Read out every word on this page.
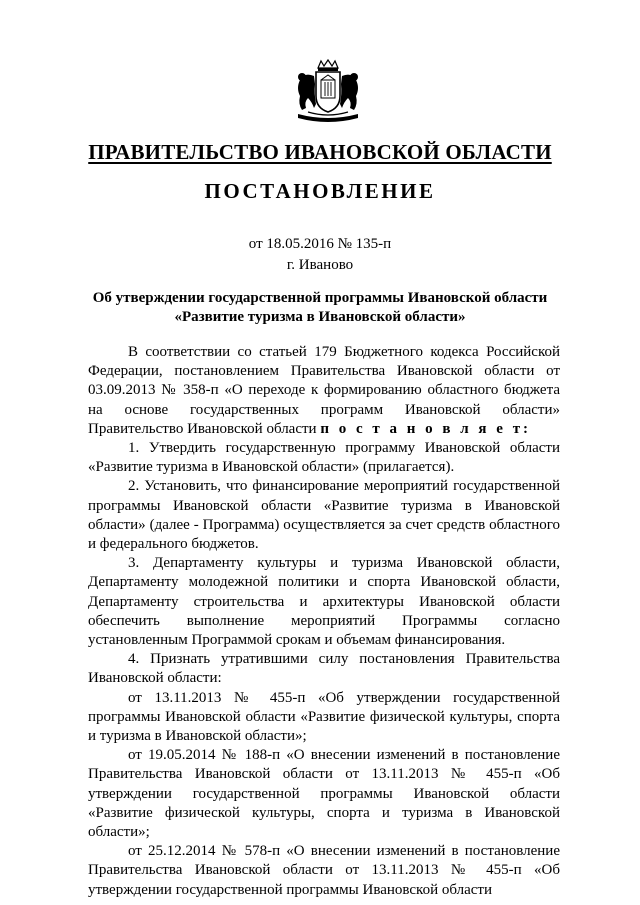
ПРАВИТЕЛЬСТВО ИВАНОВСКОЙ ОБЛАСТИ
ПОСТАНОВЛЕНИЕ
от 18.05.2016 № 135-п
г. Иваново
Об утверждении государственной программы Ивановской области
«Развитие туризма в Ивановской области»

В соответствии со статьей 179 Бюджетного кодекса Российской Федерации, постановлением Правительства Ивановской области от 03.09.2013 № 358-п «О переходе к формированию областного бюджета на основе государственных программ Ивановской области» Правительство Ивановской области п о с т а н о в л я е т:

1. Утвердить государственную программу Ивановской области «Развитие туризма в Ивановской области» (прилагается).

2. Установить, что финансирование мероприятий государственной программы Ивановской области «Развитие туризма в Ивановской области» (далее - Программа) осуществляется за счет средств областного и федерального бюджетов.

3. Департаменту культуры и туризма Ивановской области, Департаменту молодежной политики и спорта Ивановской области, Департаменту строительства и архитектуры Ивановской области обеспечить выполнение мероприятий Программы согласно установленным Программой срокам и объемам финансирования.

4. Признать утратившими силу постановления Правительства Ивановской области:

от 13.11.2013 № 455-п «Об утверждении государственной программы Ивановской области «Развитие физической культуры, спорта и туризма в Ивановской области»;

от 19.05.2014 № 188-п «О внесении изменений в постановление Правительства Ивановской области от 13.11.2013 № 455-п «Об утверждении государственной программы Ивановской области «Развитие физической культуры, спорта и туризма в Ивановской области»;

от 25.12.2014 № 578-п «О внесении изменений в постановление Правительства Ивановской области от 13.11.2013 № 455-п «Об утверждении государственной программы Ивановской области
